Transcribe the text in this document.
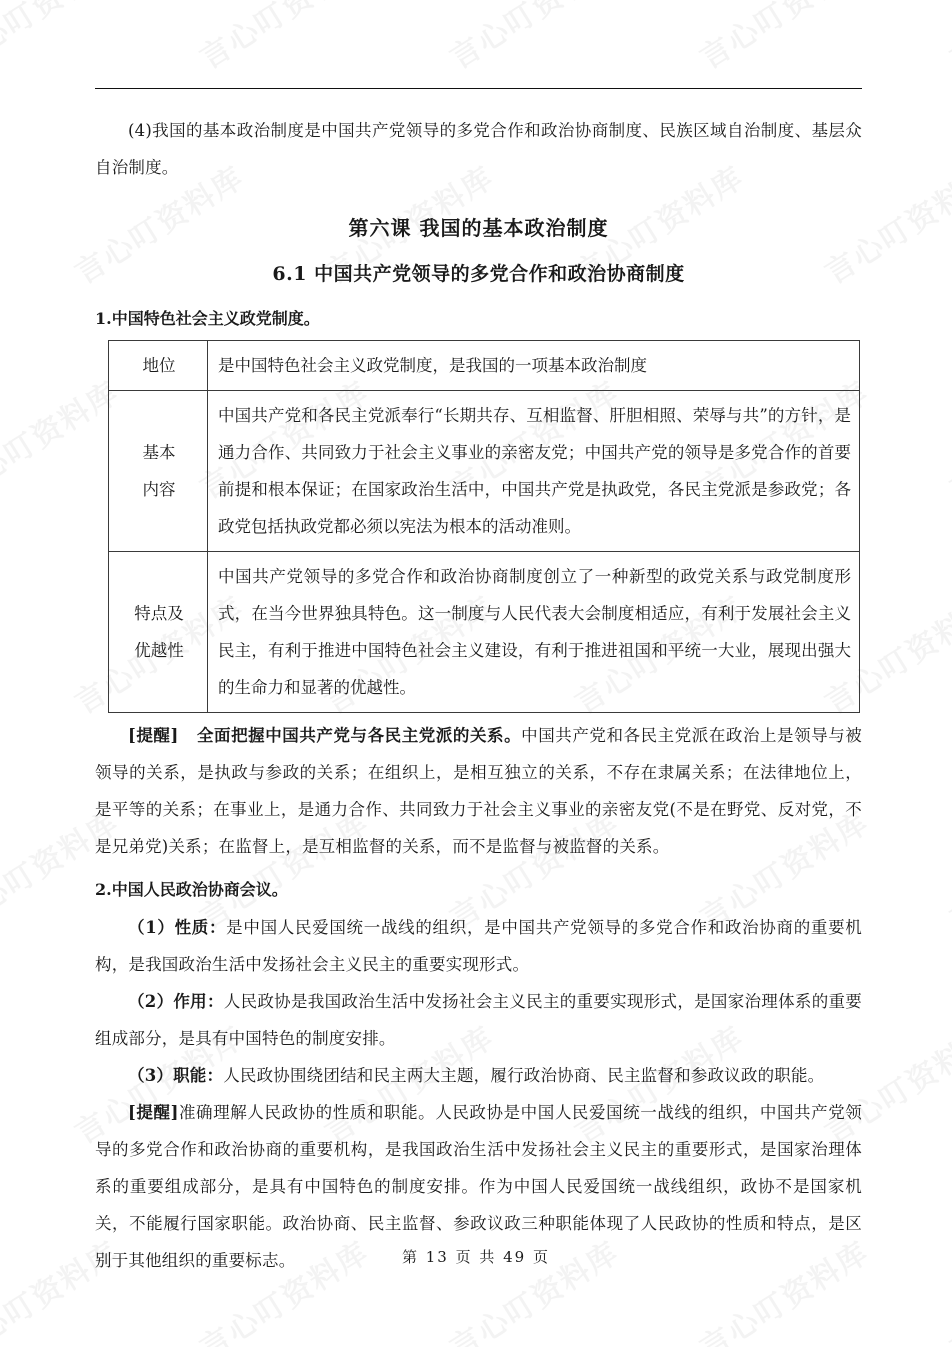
(4)我国的基本政治制度是中国共产党领导的多党合作和政治协商制度、民族区域自治制度、基层众自治制度。

第六课 我国的基本政治制度
6.1 中国共产党领导的多党合作和政治协商制度
1.中国特色社会主义政党制度。
地位	是中国特色社会主义政党制度，是我国的一项基本政治制度

基本
内容	中国共产党和各民主党派奉行“长期共存、互相监督、肝胆相照、荣辱与共”的方针，是通力合作、共同致力于社会主义事业的亲密友党；中国共产党的领导是多党合作的首要前提和根本保证；在国家政治生活中，中国共产党是执政党，各民主党派是参政党；各政党包括执政党都必须以宪法为根本的活动准则。

特点及
优越性	中国共产党领导的多党合作和政治协商制度创立了一种新型的政党关系与政党制度形式，在当今世界独具特色。这一制度与人民代表大会制度相适应，有利于发展社会主义民主，有利于推进中国特色社会主义建设，有利于推进祖国和平统一大业，展现出强大的生命力和显著的优越性。

[提醒] 全面把握中国共产党与各民主党派的关系。中国共产党和各民主党派在政治上是领导与被领导的关系，是执政与参政的关系；在组织上，是相互独立的关系，不存在隶属关系；在法律地位上，是平等的关系；在事业上，是通力合作、共同致力于社会主义事业的亲密友党(不是在野党、反对党，不是兄弟党)关系；在监督上，是互相监督的关系，而不是监督与被监督的关系。

2.中国人民政治协商会议。

（1）性质：是中国人民爱国统一战线的组织，是中国共产党领导的多党合作和政治协商的重要机构，是我国政治生活中发扬社会主义民主的重要实现形式。

（2）作用：人民政协是我国政治生活中发扬社会主义民主的重要实现形式，是国家治理体系的重要组成部分，是具有中国特色的制度安排。

（3）职能：人民政协围绕团结和民主两大主题，履行政治协商、民主监督和参政议政的职能。

[提醒]准确理解人民政协的性质和职能。人民政协是中国人民爱国统一战线的组织，中国共产党领导的多党合作和政治协商的重要机构，是我国政治生活中发扬社会主义民主的重要形式，是国家治理体系的重要组成部分，是具有中国特色的制度安排。作为中国人民爱国统一战线组织，政协不是国家机关，不能履行国家职能。政治协商、民主监督、参政议政三种职能体现了人民政协的性质和特点，是区别于其他组织的重要标志。	第 13 页 共 49 页
